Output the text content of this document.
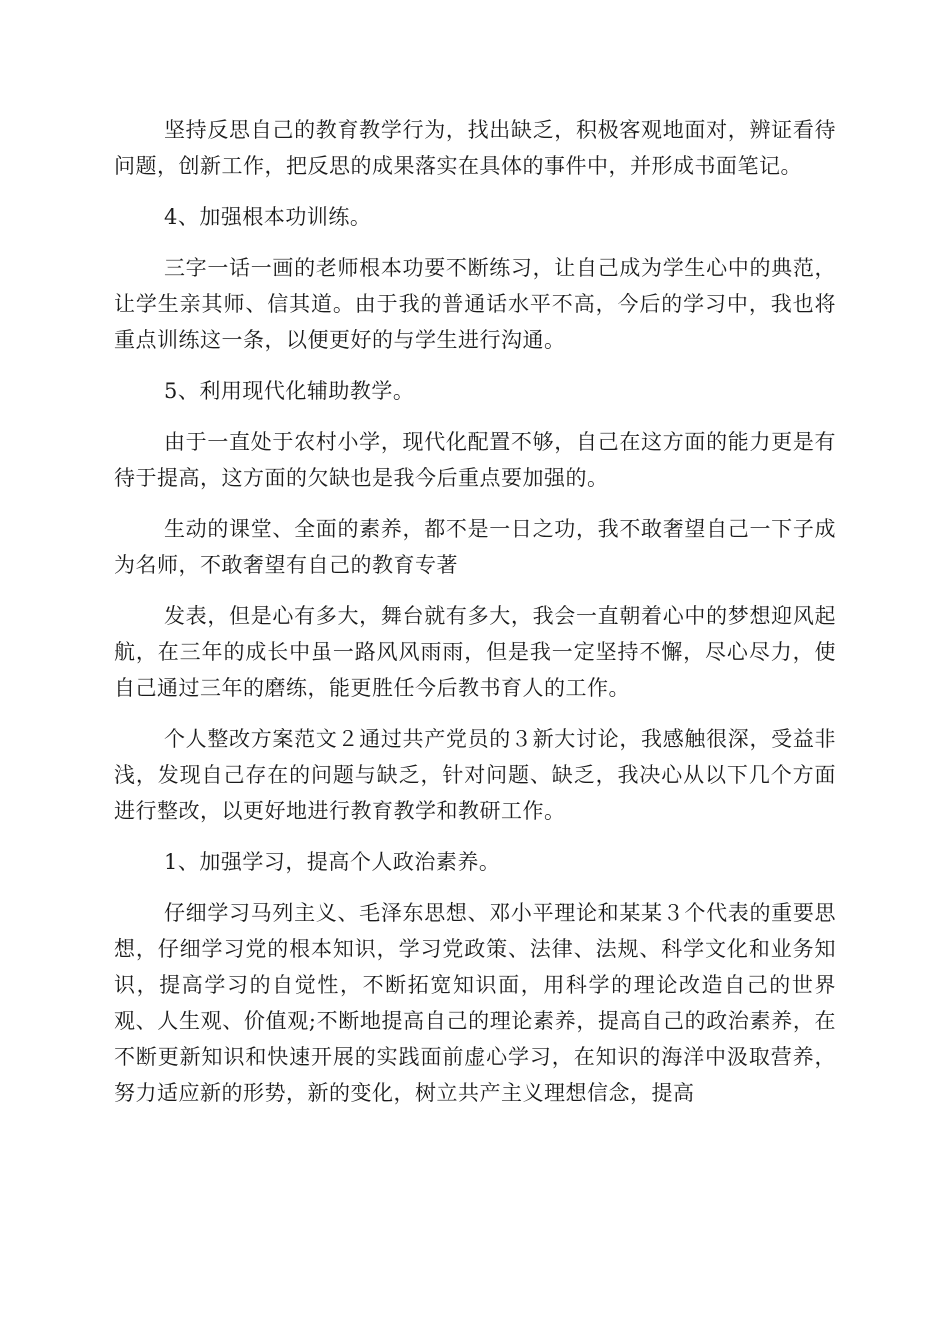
坚持反思自己的教育教学行为，找出缺乏，积极客观地面对，辨证看待问题，创新工作，把反思的成果落实在具体的事件中，并形成书面笔记。

4、加强根本功训练。

三字一话一画的老师根本功要不断练习，让自己成为学生心中的典范，让学生亲其师、信其道。由于我的普通话水平不高，今后的学习中，我也将重点训练这一条，以便更好的与学生进行沟通。

5、利用现代化辅助教学。

由于一直处于农村小学，现代化配置不够，自己在这方面的能力更是有待于提高，这方面的欠缺也是我今后重点要加强的。

生动的课堂、全面的素养，都不是一日之功，我不敢奢望自己一下子成为名师，不敢奢望有自己的教育专著

发表，但是心有多大，舞台就有多大，我会一直朝着心中的梦想迎风起航，在三年的成长中虽一路风风雨雨，但是我一定坚持不懈，尽心尽力，使自己通过三年的磨练，能更胜任今后教书育人的工作。

个人整改方案范文２通过共产党员的３新大讨论，我感触很深，受益非浅，发现自己存在的问题与缺乏，针对问题、缺乏，我决心从以下几个方面进行整改，以更好地进行教育教学和教研工作。

1、加强学习，提高个人政治素养。

仔细学习马列主义、毛泽东思想、邓小平理论和某某３个代表的重要思想，仔细学习党的根本知识，学习党政策、法律、法规、科学文化和业务知识，提高学习的自觉性，不断拓宽知识面，用科学的理论改造自己的世界观、人生观、价值观;不断地提高自己的理论素养，提高自己的政治素养，在不断更新知识和快速开展的实践面前虚心学习，在知识的海洋中汲取营养，努力适应新的形势，新的变化，树立共产主义理想信念，提高
